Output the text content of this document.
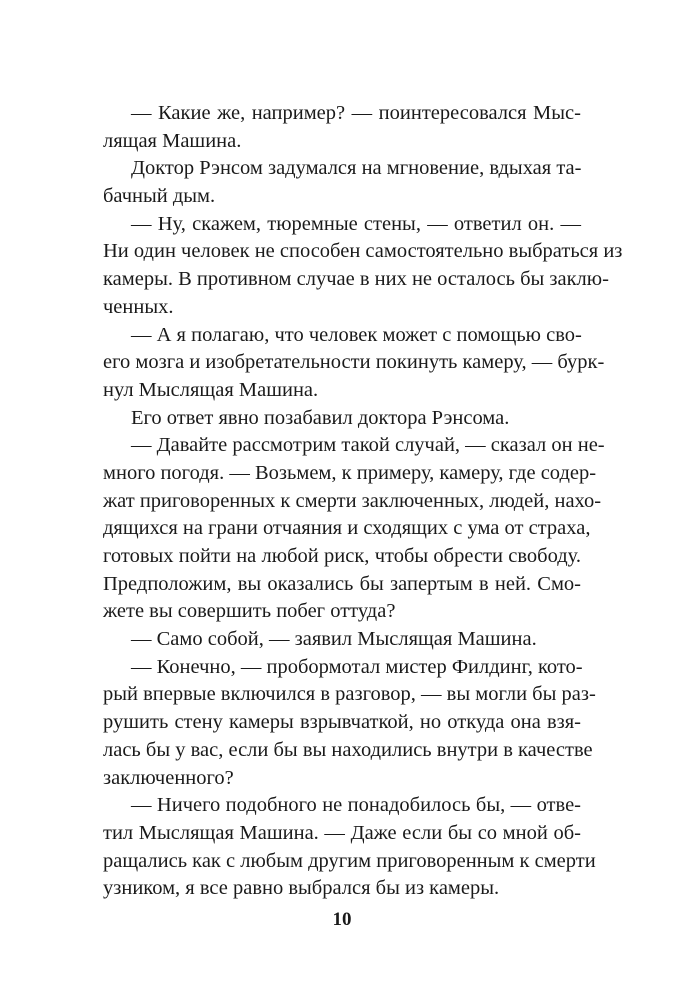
— Какие же, например? — поинтересовался Мыс-
лящая Машина.
Доктор Рэнсом задумался на мгновение, вдыхая та-
бачный дым.
— Ну, скажем, тюремные стены, — ответил он. —
Ни один человек не способен самостоятельно выбраться из
камеры. В противном случае в них не осталось бы заклю-
ченных.
— А я полагаю, что человек может с помощью сво-
его мозга и изобретательности покинуть камеру, — бурк-
нул Мыслящая Машина.
Его ответ явно позабавил доктора Рэнсома.
— Давайте рассмотрим такой случай, — сказал он не-
много погодя. — Возьмем, к примеру, камеру, где содер-
жат приговоренных к смерти заключенных, людей, нахо-
дящихся на грани отчаяния и сходящих с ума от страха,
готовых пойти на любой риск, чтобы обрести свободу.
Предположим, вы оказались бы запертым в ней. Смо-
жете вы совершить побег оттуда?
— Само собой, — заявил Мыслящая Машина.
— Конечно, — пробормотал мистер Филдинг, кото-
рый впервые включился в разговор, — вы могли бы раз-
рушить стену камеры взрывчаткой, но откуда она взя-
лась бы у вас, если бы вы находились внутри в качестве
заключенного?
— Ничего подобного не понадобилось бы, — отве-
тил Мыслящая Машина. — Даже если бы со мной об-
ращались как с любым другим приговоренным к смерти
узником, я все равно выбрался бы из камеры.
10
